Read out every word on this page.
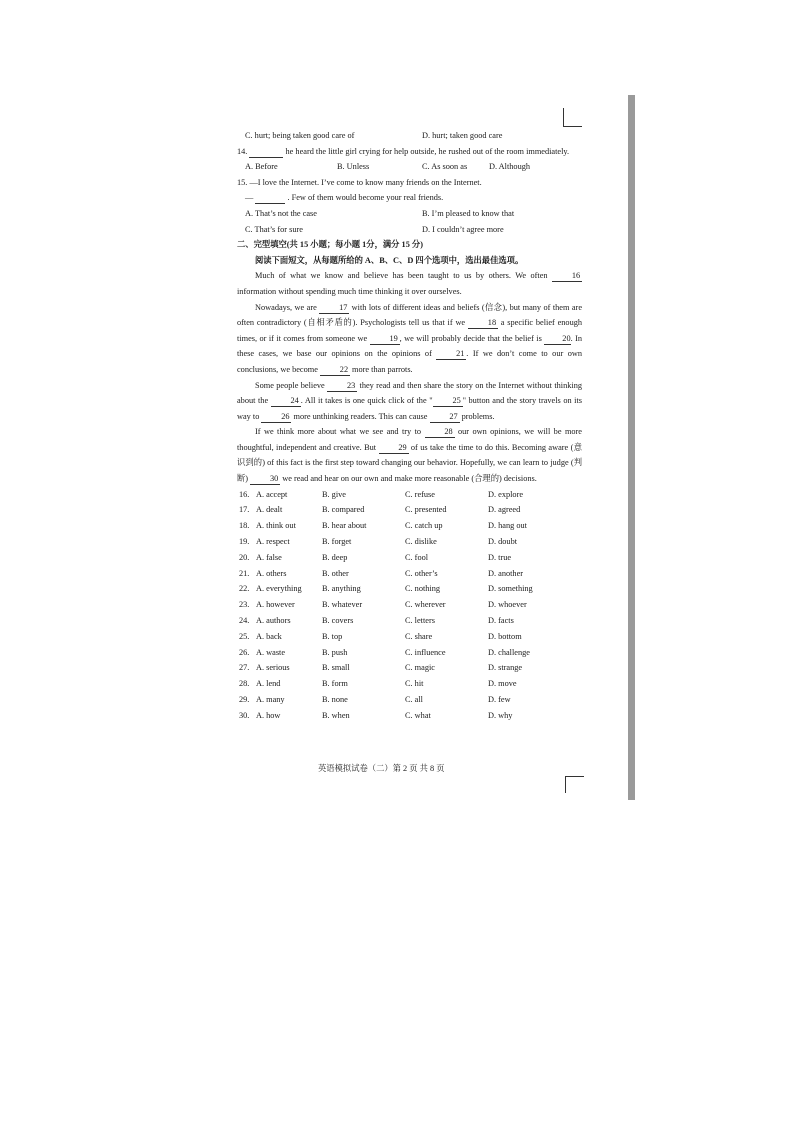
C. hurt; being taken good care of	D. hurt; taken good care
14.	he heard the little girl crying for help outside, he rushed out of the room immediately.
A. Before	B. Unless	C. As soon as	D. Although
15. —I love the Internet. I’ve come to know many friends on the Internet.
—	. Few of them would become your real friends.
A. That’s not the case	B. I’m pleased to know that
C. That’s for sure	D. I couldn’t agree more
二、完型填空(共 15 小题；每小题 1分，满分 15 分)
阅读下面短文，从每题所给的 A、B、C、D 四个选项中，选出最佳选项。

Much of what we know and believe has been taught to us by others. We often	16 information without spending much time thinking it over ourselves.

Nowadays, we are	17 with lots of different ideas and beliefs (信念), but many of them are often contradictory (自相矛盾的). Psychologists tell us that if we	18 a specific belief enough times, or if it comes from someone we	19 , we will probably decide that the belief is 20. In these cases, we base our opinions on the opinions of	21 . If we don’t come to our own conclusions, we become	22 more than parrots.

Some people believe	23 they read and then share the story on the Internet without thinking about the	24 . All it takes is one quick click of the " 25 " button and the story travels on its way to	26 more unthinking readers. This can cause	27 problems.

If we think more about what we see and try to	28 our own opinions, we will be more thoughtful, independent and creative. But	29 of us take the time to do this. Becoming aware (意识到的) of this fact is the first step toward changing our behavior. Hopefully, we can learn to judge (判断)	30 we read and hear on our own and make more reasonable (合理的) decisions.

16. A. accept	B. give	C. refuse	D. explore
17. A. dealt	B. compared	C. presented	D. agreed
18. A. think out	B. hear about	C. catch up	D. hang out
19. A. respect	B. forget	C. dislike	D. doubt
20. A. false	B. deep	C. fool	D. true
21. A. others	B. other	C. other’s	D. another
22. A. everything B. anything	C. nothing	D. something
23. A. however	B. whatever	C. wherever	D. whoever
24. A. authors	B. covers	C. letters	D. facts
25. A. back	B. top	C. share	D. bottom
26. A. waste	B. push	C. influence	D. challenge
27. A. serious	B. small	C. magic	D. strange
28. A. lend	B. form	C. hit	D. move
29. A. many	B. none	C. all	D. few
30. A. how	B. when	C. what	D. why
英语模拟试卷（二）第 2 页 共 8 页
